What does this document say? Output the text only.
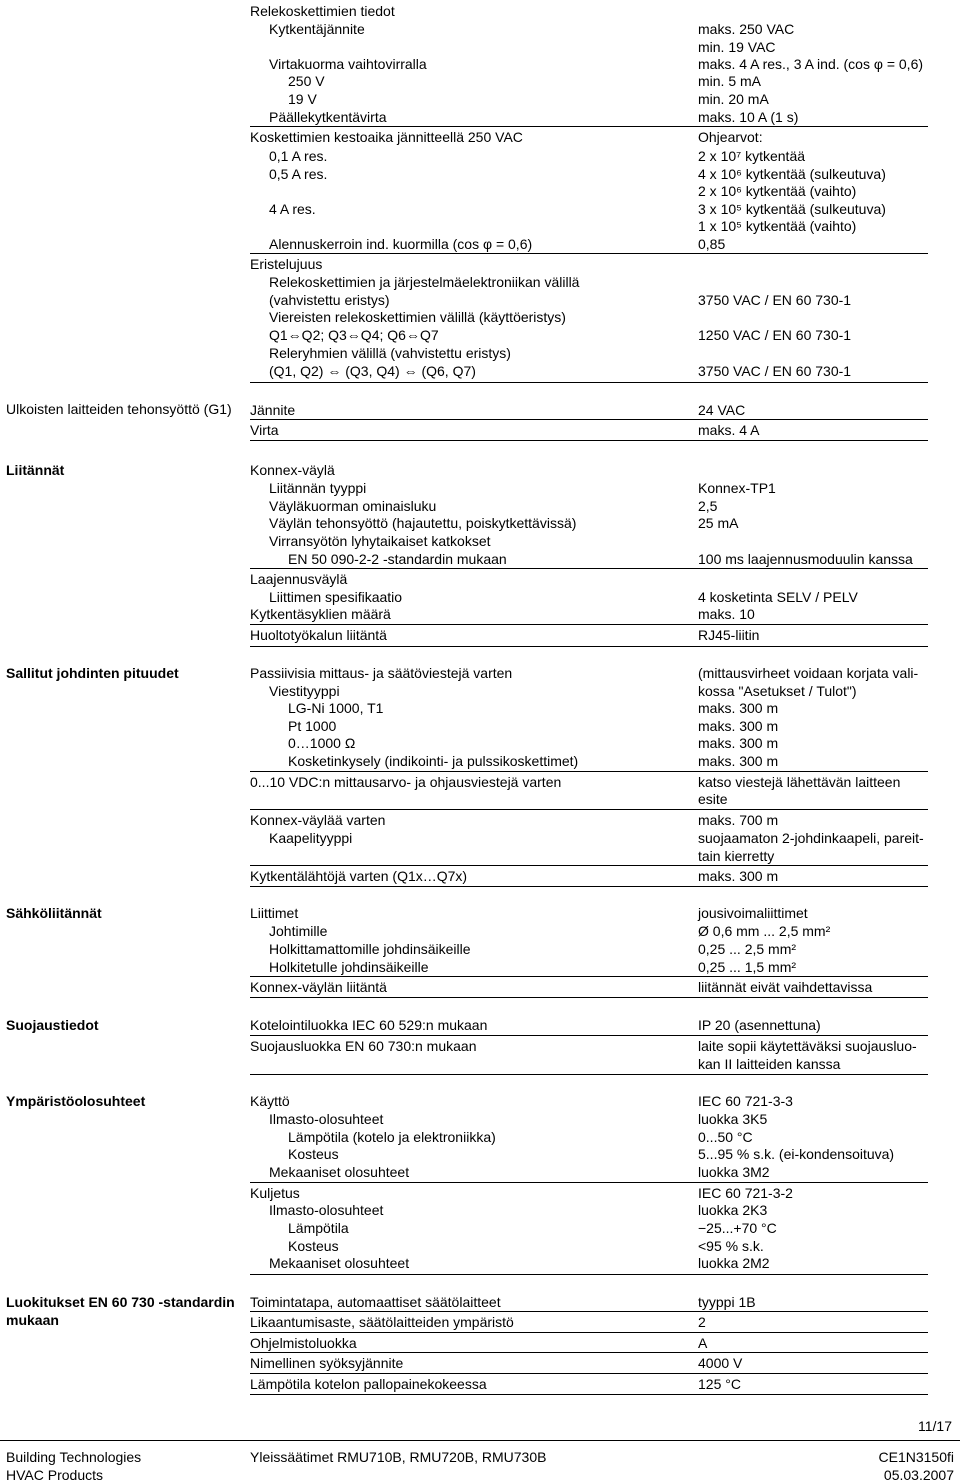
11/17
Building Technologies
HVAC Products
Yleissäätimet RMU710B, RMU720B, RMU730B	CE1N3150fi
05.03.2007
Relekoskettimien tiedot
Kytkentäjännite	maks. 250 VAC
min. 19 VAC
Virtakuorma vaihtovirralla	maks. 4 A res., 3 A ind. (cos φ = 0,6)
250 V	min. 5 mA
19 V	min. 20 mA
Päällekytkentävirta	maks. 10 A (1 s)
Koskettimien kestoaika jännitteellä 250 VAC	Ohjearvot:
0,1 A res.	2 x 10⁷ kytkentää
0,5 A res.	4 x 10⁶ kytkentää (sulkeutuva)
2 x 10⁶ kytkentää (vaihto)
4 A res.	3 x 10⁵ kytkentää (sulkeutuva)
1 x 10⁵ kytkentää (vaihto)
Alennuskerroin ind. kuormilla (cos φ = 0,6)	0,85
Eristelujuus
Relekoskettimien ja järjestelmäelektroniikan välillä
(vahvistettu eristys)	3750 VAC / EN 60 730-1
Viereisten relekoskettimien välillä (käyttöeristys)
Q1⇔Q2; Q3⇔Q4; Q6⇔Q7	1250 VAC / EN 60 730-1
Releryhmien välillä (vahvistettu eristys)
(Q1, Q2) ⇔ (Q3, Q4) ⇔ (Q6, Q7)	3750 VAC / EN 60 730-1
Ulkoisten laitteiden tehonsyöttö (G1)	Jännite	24 VAC
Virta	maks. 4 A
Liitännät	Konnex-väylä
Liitännän tyyppi	Konnex-TP1
Väyläkuorman ominaisluku	2,5
Väylän tehonsyöttö (hajautettu, poiskytkettävissä)	25 mA
Virransyötön lyhytaikaiset katkokset
EN 50 090-2-2 -standardin mukaan	100 ms laajennusmoduulin kanssa
Laajennusväylä
Liittimen spesifikaatio	4 kosketinta SELV / PELV
Kytkentäsyklien määrä	maks. 10
Huoltotyökalun liitäntä	RJ45-liitin
Sallitut johdinten pituudet	Passiivisia mittaus- ja säätöviestejä varten	(mittausvirheet voidaan korjata vali-
Viestityyppi	kossa "Asetukset / Tulot")
LG-Ni 1000, T1	maks. 300 m
Pt 1000	maks. 300 m
0…1000 Ω	maks. 300 m
Kosketinkysely (indikointi- ja pulssikoskettimet)	maks. 300 m
0...10 VDC:n mittausarvo- ja ohjausviestejä varten	katso viestejä lähettävän laitteen
esite
Konnex-väylää varten	maks. 700 m
Kaapelityyppi	suojaamaton 2-johdinkaapeli, pareit-
tain kierretty
Kytkentälähtöjä varten (Q1x…Q7x)	maks. 300 m
Sähköliitännät	Liittimet	jousivoimaliittimet
Johtimille	Ø 0,6 mm ... 2,5 mm²
Holkittamattomille johdinsäikeille	0,25 ... 2,5 mm²
Holkitetulle johdinsäikeille	0,25 ... 1,5 mm²
Konnex-väylän liitäntä	liitännät eivät vaihdettavissa
Suojaustiedot	Kotelointiluokka IEC 60 529:n mukaan	IP 20 (asennettuna)
Suojausluokka EN 60 730:n mukaan	laite sopii käytettäväksi suojausluo-
kan II laitteiden kanssa
Ympäristöolosuhteet	Käyttö	IEC 60 721-3-3
Ilmasto-olosuhteet	luokka 3K5
Lämpötila (kotelo ja elektroniikka)	0...50 °C
Kosteus	5...95 % s.k. (ei-kondensoituva)
Mekaaniset olosuhteet	luokka 3M2
Kuljetus	IEC 60 721-3-2
Ilmasto-olosuhteet	luokka 2K3
Lämpötila	−25...+70 °C
Kosteus	<95 % s.k.
Mekaaniset olosuhteet	luokka 2M2
Luokitukset EN 60 730 -standardin mukaan
Toimintatapa, automaattiset säätölaitteet	tyyppi 1B
Likaantumisaste, säätölaitteiden ympäristö	2
Ohjelmistoluokka	A
Nimellinen syöksyjännite	4000 V
Lämpötila kotelon pallopainekokeessa	125 °C
